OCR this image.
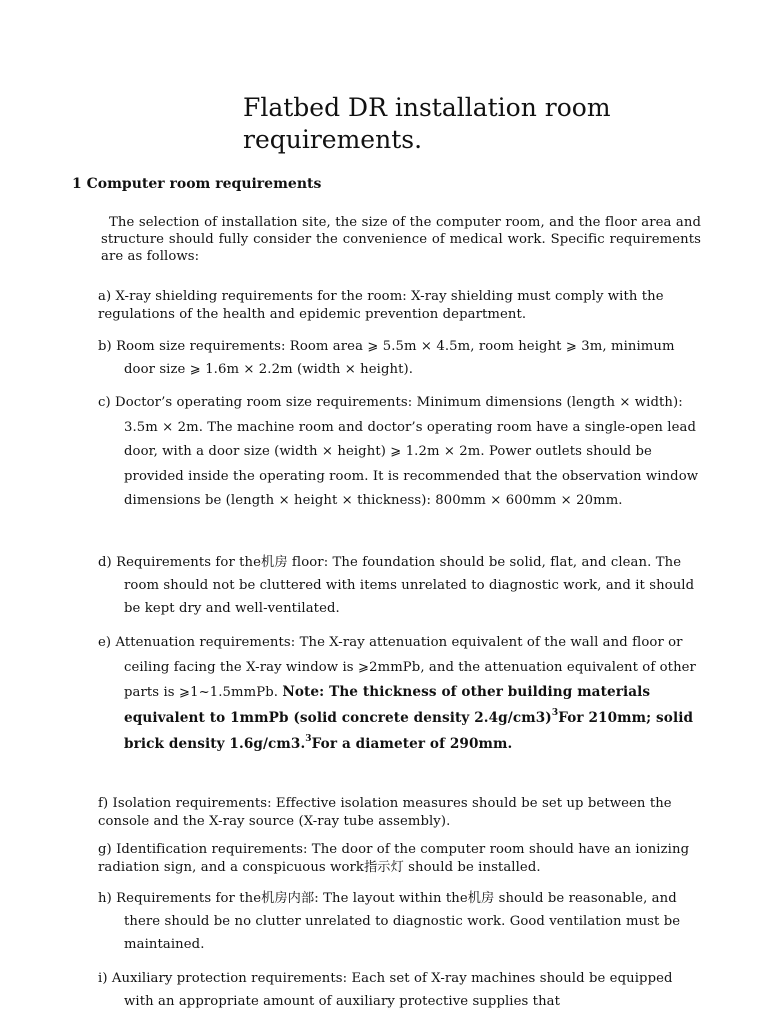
Flatbed DR installation room requirements.
1 Computer room requirements

The selection of installation site, the size of the computer room, and the floor area and structure should fully consider the convenience of medical work. Specific requirements are as follows:

a) X-ray shielding requirements for the room: X-ray shielding must comply with the regulations of the health and epidemic prevention department.

b) Room size requirements: Room area ⩾ 5.5m × 4.5m, room height ⩾ 3m, minimum door size ⩾ 1.6m × 2.2m (width × height).

c) Doctor’s operating room size requirements: Minimum dimensions (length × width): 3.5m × 2m. The machine room and doctor’s operating room have a single-open lead door, with a door size (width × height) ⩾ 1.2m × 2m. Power outlets should be provided inside the operating room. It is recommended that the observation window dimensions be (length × height × thickness): 800mm × 600mm × 20mm.

d) Requirements for the机房 floor: The foundation should be solid, flat, and clean. The room should not be cluttered with items unrelated to diagnostic work, and it should be kept dry and well-ventilated.

e) Attenuation requirements: The X-ray attenuation equivalent of the wall and floor or ceiling facing the X-ray window is ⩾2mmPb, and the attenuation equivalent of other parts is ⩾1~1.5mmPb. Note: The thickness of other building materials equivalent to 1mmPb (solid concrete density 2.4g/cm3)$^3$For 210mm; solid brick density 1.6g/cm3.$^3$For a diameter of 290mm.

f) Isolation requirements: Effective isolation measures should be set up between the console and the X-ray source (X-ray tube assembly).

g) Identification requirements: The door of the computer room should have an ionizing radiation sign, and a conspicuous work指示灯 should be installed.

h) Requirements for the机房内部: The layout within the机房 should be reasonable, and there should be no clutter unrelated to diagnostic work. Good ventilation must be maintained.

i) Auxiliary protection requirements: Each set of X-ray machines should be equipped with an appropriate amount of auxiliary protective supplies that
